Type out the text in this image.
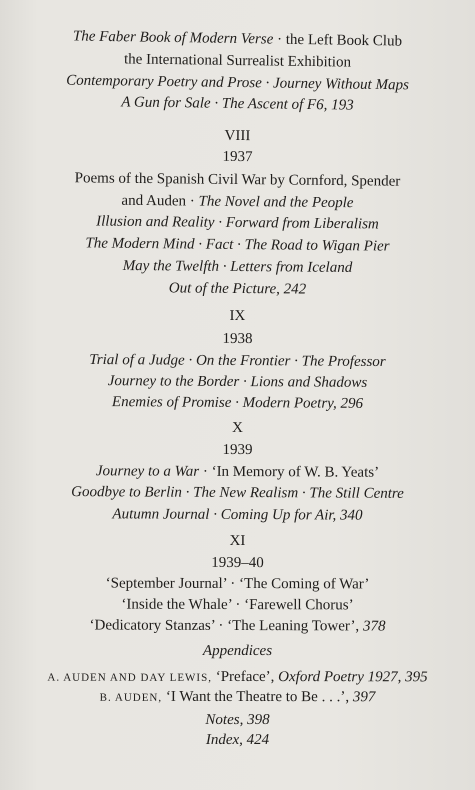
The Faber Book of Modern Verse · the Left Book Club
the International Surrealist Exhibition
Contemporary Poetry and Prose · Journey Without Maps
A Gun for Sale · The Ascent of F6, 193
VIII
1937
Poems of the Spanish Civil War by Cornford, Spender
and Auden · The Novel and the People
Illusion and Reality · Forward from Liberalism
The Modern Mind · Fact · The Road to Wigan Pier
May the Twelfth · Letters from Iceland
Out of the Picture, 242
IX
1938
Trial of a Judge · On the Frontier · The Professor
Journey to the Border · Lions and Shadows
Enemies of Promise · Modern Poetry, 296
X
1939
Journey to a War · ‘In Memory of W. B. Yeats’
Goodbye to Berlin · The New Realism · The Still Centre
Autumn Journal · Coming Up for Air, 340
XI
1939–40
‘September Journal’ · ‘The Coming of War’
‘Inside the Whale’ · ‘Farewell Chorus’
‘Dedicatory Stanzas’ · ‘The Leaning Tower’, 378
Appendices
A. AUDEN AND DAY LEWIS, ‘Preface’, Oxford Poetry 1927, 395
B. AUDEN, ‘I Want the Theatre to Be . . .’, 397
Notes, 398
Index, 424
